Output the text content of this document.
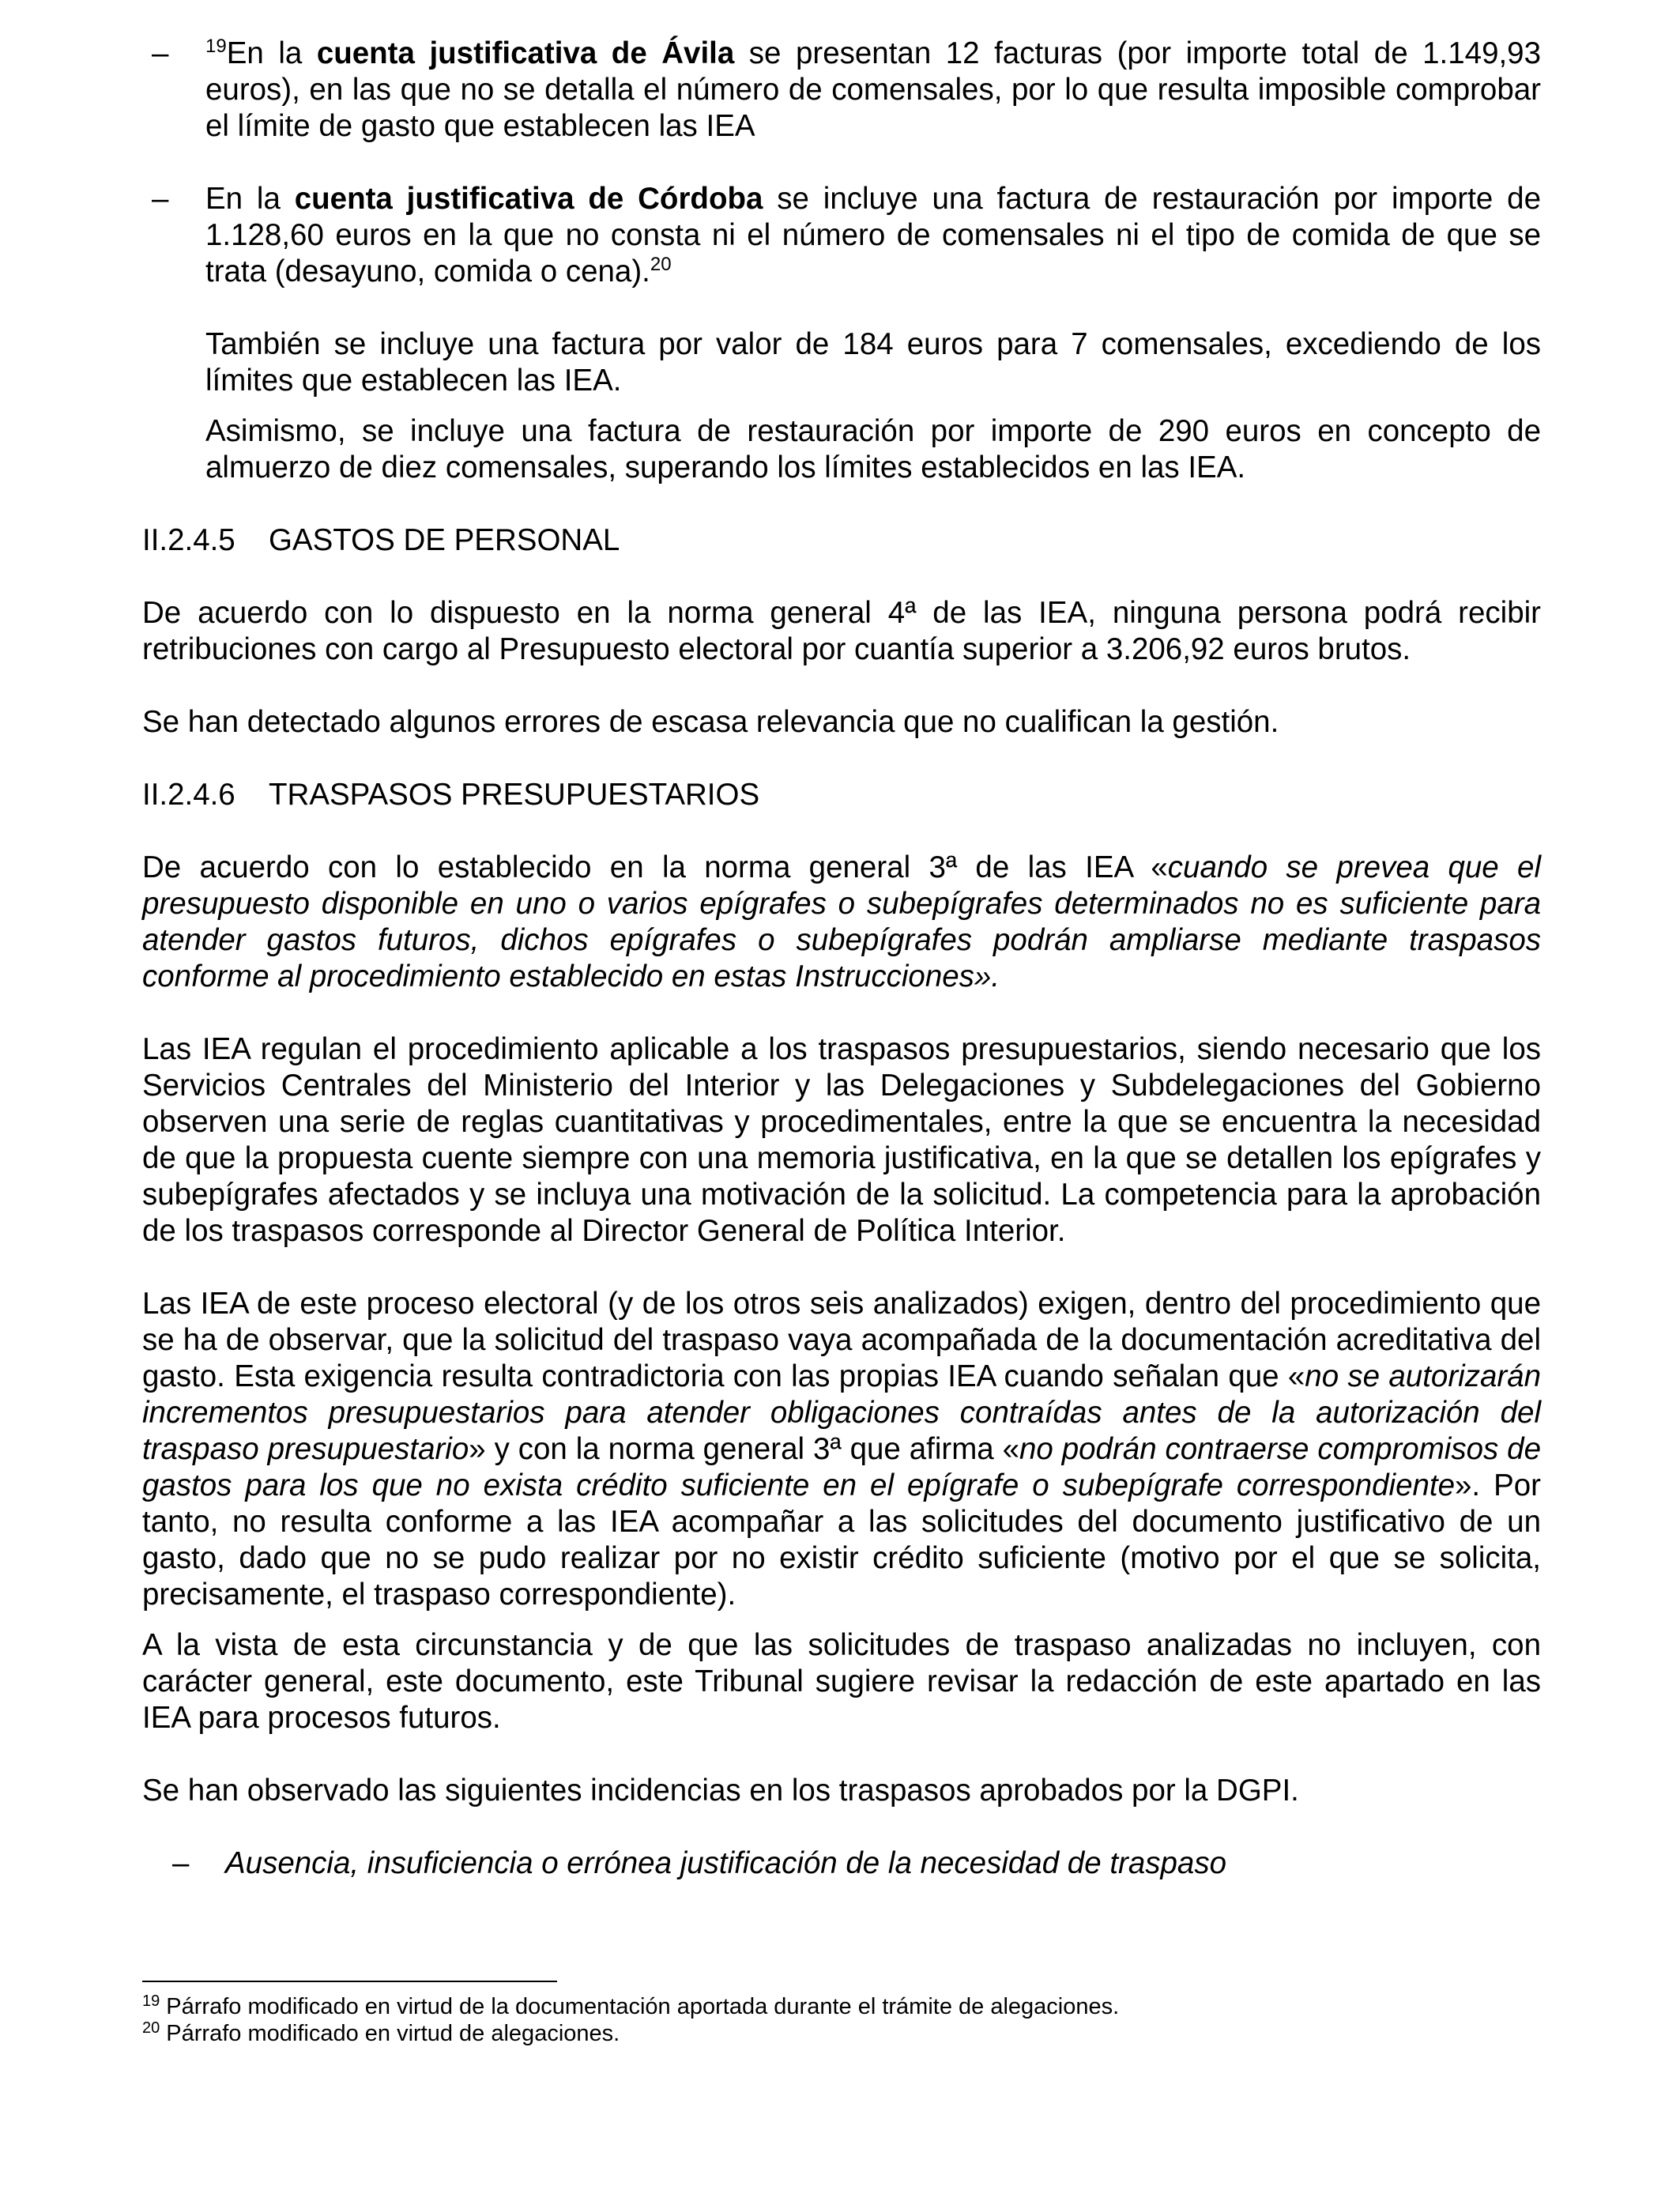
– $^{19}$En la cuenta justificativa de Ávila se presentan 12 facturas (por importe total de 1.149,93 euros), en las que no se detalla el número de comensales, por lo que resulta imposible comprobar el límite de gasto que establecen las IEA

– En la cuenta justificativa de Córdoba se incluye una factura de restauración por importe de 1.128,60 euros en la que no consta ni el número de comensales ni el tipo de comida de que se trata (desayuno, comida o cena).$^{20}$

También se incluye una factura por valor de 184 euros para 7 comensales, excediendo de los límites que establecen las IEA.

Asimismo, se incluye una factura de restauración por importe de 290 euros en concepto de almuerzo de diez comensales, superando los límites establecidos en las IEA.

II.2.4.5 GASTOS DE PERSONAL

De acuerdo con lo dispuesto en la norma general 4ª de las IEA, ninguna persona podrá recibir retribuciones con cargo al Presupuesto electoral por cuantía superior a 3.206,92 euros brutos.

Se han detectado algunos errores de escasa relevancia que no cualifican la gestión.

II.2.4.6 TRASPASOS PRESUPUESTARIOS

De acuerdo con lo establecido en la norma general 3ª de las IEA «cuando se prevea que el presupuesto disponible en uno o varios epígrafes o subepígrafes determinados no es suficiente para atender gastos futuros, dichos epígrafes o subepígrafes podrán ampliarse mediante traspasos conforme al procedimiento establecido en estas Instrucciones».

Las IEA regulan el procedimiento aplicable a los traspasos presupuestarios, siendo necesario que los Servicios Centrales del Ministerio del Interior y las Delegaciones y Subdelegaciones del Gobierno observen una serie de reglas cuantitativas y procedimentales, entre la que se encuentra la necesidad de que la propuesta cuente siempre con una memoria justificativa, en la que se detallen los epígrafes y subepígrafes afectados y se incluya una motivación de la solicitud. La competencia para la aprobación de los traspasos corresponde al Director General de Política Interior.

Las IEA de este proceso electoral (y de los otros seis analizados) exigen, dentro del procedimiento que se ha de observar, que la solicitud del traspaso vaya acompañada de la documentación acreditativa del gasto. Esta exigencia resulta contradictoria con las propias IEA cuando señalan que «no se autorizarán incrementos presupuestarios para atender obligaciones contraídas antes de la autorización del traspaso presupuestario» y con la norma general 3ª que afirma «no podrán contraerse compromisos de gastos para los que no exista crédito suficiente en el epígrafe o subepígrafe correspondiente». Por tanto, no resulta conforme a las IEA acompañar a las solicitudes del documento justificativo de un gasto, dado que no se pudo realizar por no existir crédito suficiente (motivo por el que se solicita, precisamente, el traspaso correspondiente).

A la vista de esta circunstancia y de que las solicitudes de traspaso analizadas no incluyen, con carácter general, este documento, este Tribunal sugiere revisar la redacción de este apartado en las IEA para procesos futuros.

Se han observado las siguientes incidencias en los traspasos aprobados por la DGPI.

– Ausencia, insuficiencia o errónea justificación de la necesidad de traspaso

$^{19}$ Párrafo modificado en virtud de la documentación aportada durante el trámite de alegaciones.

$^{20}$ Párrafo modificado en virtud de alegaciones.
